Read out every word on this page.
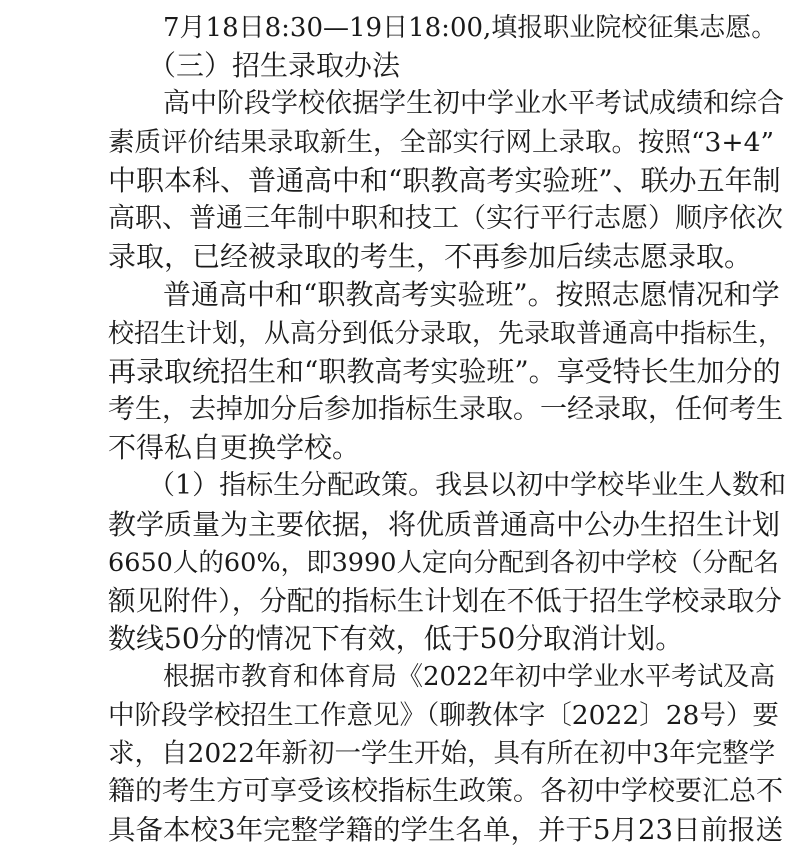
7月18日8:30—19日18:00,填报职业院校征集志愿。
（三）招生录取办法
高中阶段学校依据学生初中学业水平考试成绩和综合
素质评价结果录取新生，全部实行网上录取。按照“3+4”
中职本科、普通高中和“职教高考实验班”、联办五年制
高职、普通三年制中职和技工（实行平行志愿）顺序依次
录取，已经被录取的考生，不再参加后续志愿录取。
普通高中和“职教高考实验班”。按照志愿情况和学
校招生计划，从高分到低分录取，先录取普通高中指标生，
再录取统招生和“职教高考实验班”。享受特长生加分的
考生，去掉加分后参加指标生录取。一经录取，任何考生
不得私自更换学校。
（1）指标生分配政策。我县以初中学校毕业生人数和
教学质量为主要依据，将优质普通高中公办生招生计划
6650人的60%，即3990人定向分配到各初中学校（分配名
额见附件），分配的指标生计划在不低于招生学校录取分
数线50分的情况下有效，低于50分取消计划。
根据市教育和体育局《2022年初中学业水平考试及高
中阶段学校招生工作意见》（聊教体字〔2022〕28号）要
求，自2022年新初一学生开始，具有所在初中3年完整学
籍的考生方可享受该校指标生政策。各初中学校要汇总不
具备本校3年完整学籍的学生名单，并于5月23日前报送
